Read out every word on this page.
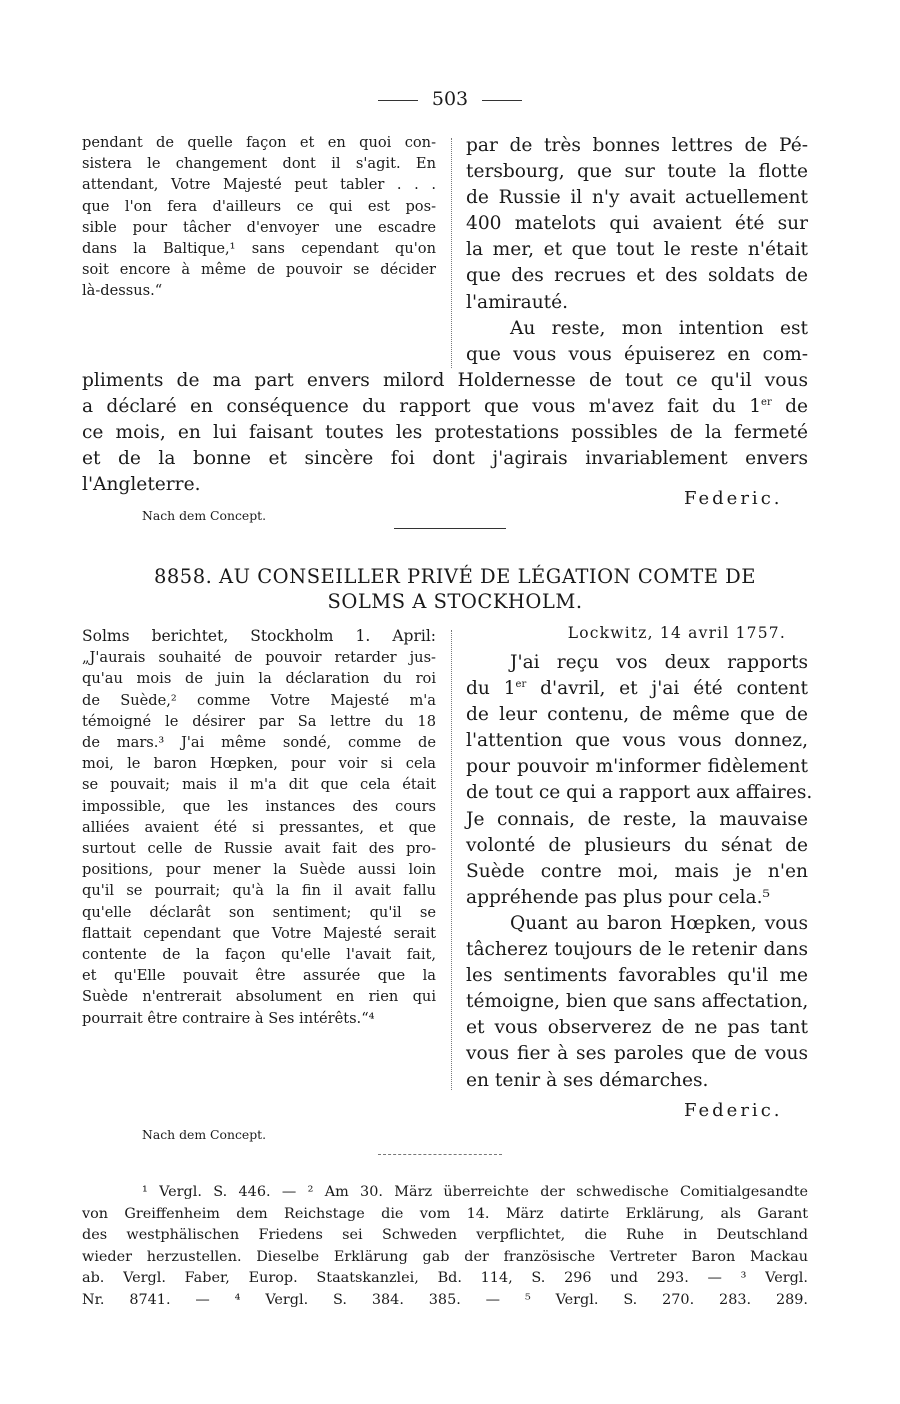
503
pendant de quelle façon et en quoi con-
sistera le changement dont il s'agit. En
attendant, Votre Majesté peut tabler . . .
que l'on fera d'ailleurs ce qui est pos-
sible pour tâcher d'envoyer une escadre
dans la Baltique,¹ sans cependant qu'on
soit encore à même de pouvoir se décider
là-dessus.“
par de très bonnes lettres de Pé-
tersbourg, que sur toute la flotte
de Russie il n'y avait actuellement
400 matelots qui avaient été sur
la mer, et que tout le reste n'était
que des recrues et des soldats de
l'amirauté.
Au reste, mon intention est
que vous vous épuiserez en com-
pliments de ma part envers milord Holdernesse de tout ce qu'il vous
a déclaré en conséquence du rapport que vous m'avez fait du 1er de
ce mois, en lui faisant toutes les protestations possibles de la fermeté
et de la bonne et sincère foi dont j'agirais invariablement envers
l'Angleterre.
Federic.
Nach dem Concept.
8858. AU CONSEILLER PRIVÉ DE LÉGATION COMTE DE
SOLMS A STOCKHOLM.
Solms berichtet, Stockholm 1. April:
„J'aurais souhaité de pouvoir retarder jus-
qu'au mois de juin la déclaration du roi
de Suède,² comme Votre Majesté m'a
témoigné le désirer par Sa lettre du 18
de mars.³ J'ai même sondé, comme de
moi, le baron Hœpken, pour voir si cela
se pouvait; mais il m'a dit que cela était
impossible, que les instances des cours
alliées avaient été si pressantes, et que
surtout celle de Russie avait fait des pro-
positions, pour mener la Suède aussi loin
qu'il se pourrait; qu'à la fin il avait fallu
qu'elle déclarât son sentiment; qu'il se
flattait cependant que Votre Majesté serait
contente de la façon qu'elle l'avait fait,
et qu'Elle pouvait être assurée que la
Suède n'entrerait absolument en rien qui
pourrait être contraire à Ses intérêts.“⁴
Lockwitz, 14 avril 1757.
J'ai reçu vos deux rapports
du 1er d'avril, et j'ai été content
de leur contenu, de même que de
l'attention que vous vous donnez,
pour pouvoir m'informer fidèlement
de tout ce qui a rapport aux affaires.
Je connais, de reste, la mauvaise
volonté de plusieurs du sénat de
Suède contre moi, mais je n'en
appréhende pas plus pour cela.⁵
Quant au baron Hœpken, vous
tâcherez toujours de le retenir dans
les sentiments favorables qu'il me
témoigne, bien que sans affectation,
et vous observerez de ne pas tant
vous fier à ses paroles que de vous
en tenir à ses démarches.
Federic.
Nach dem Concept.
¹ Vergl. S. 446. — ² Am 30. März überreichte der schwedische Comitialgesandte
von Greiffenheim dem Reichstage die vom 14. März datirte Erklärung, als Garant
des westphälischen Friedens sei Schweden verpflichtet, die Ruhe in Deutschland
wieder herzustellen. Dieselbe Erklärung gab der französische Vertreter Baron Mackau
ab. Vergl. Faber, Europ. Staatskanzlei, Bd. 114, S. 296 und 293. — ³ Vergl.
Nr. 8741. — ⁴ Vergl. S. 384. 385. — ⁵ Vergl. S. 270. 283. 289.
